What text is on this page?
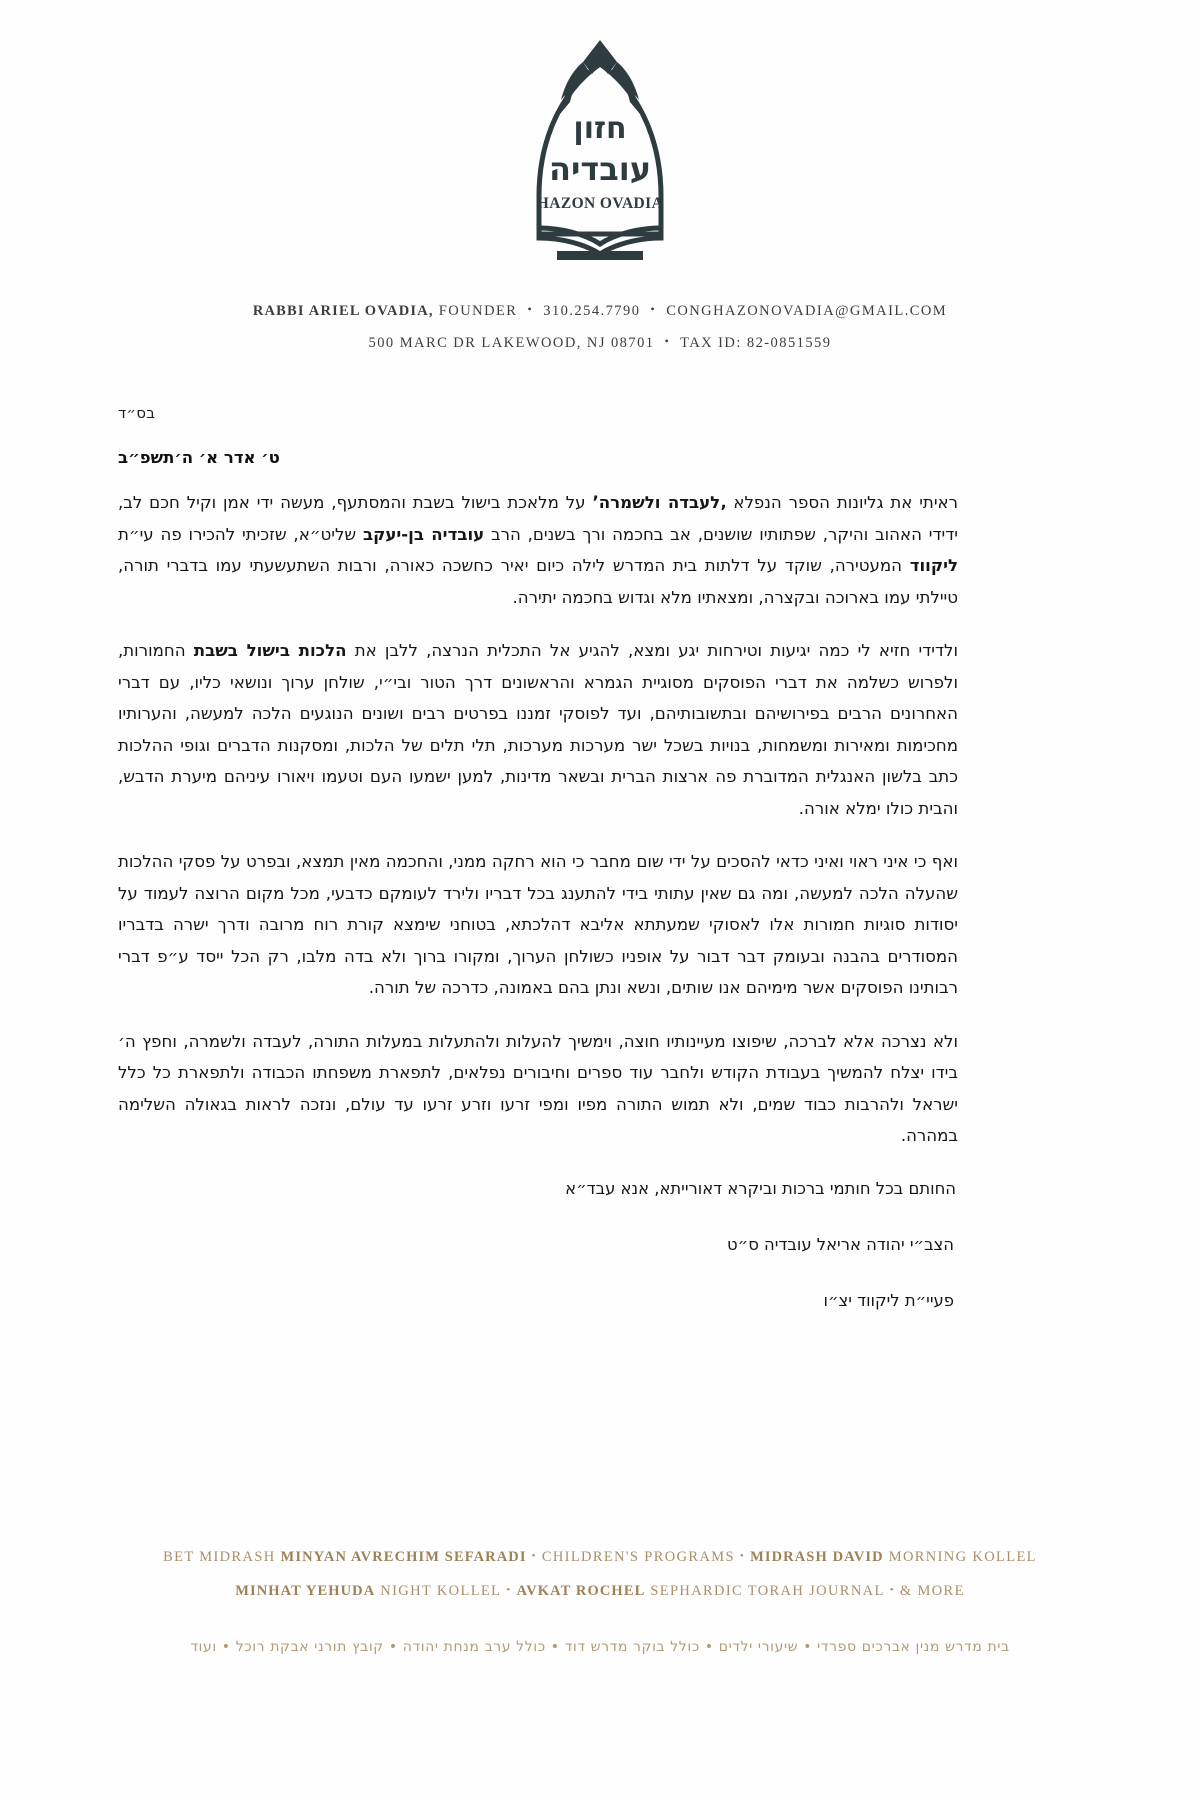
חזון
עובדיה
HAZON OVADIA
RABBI ARIEL OVADIA, FOUNDER • 310.254.7790 • CONGHAZONOVADIA@GMAIL.COM
500 MARC DR LAKEWOOD, NJ 08701 • TAX ID: 82-0851559

בס״ד

ט׳ אדר א׳ ה׳תשפ״ב

ראיתי את גליונות הספר הנפלא ‚לעבדה ולשמרה’ על מלאכת בישול בשבת והמסתעף, מעשה ידי אמן וקיל חכם לב, ידידי האהוב והיקר, שפתותיו שושנים, אב בחכמה ורך בשנים, הרב עובדיה בן-יעקב שליט״א, שזכיתי להכירו פה עי״ת ליקווד המעטירה, שוקד על דלתות בית המדרש לילה כיום יאיר כחשכה כאורה, ורבות השתעשעתי עמו בדברי תורה, טיילתי עמו בארוכה ובקצרה, ומצאתיו מלא וגדוש בחכמה יתירה.

ולדידי חזיא לי כמה יגיעות וטירחות יגע ומצא, להגיע אל התכלית הנרצה, ללבן את הלכות בישול בשבת החמורות, ולפרוש כשלמה את דברי הפוסקים מסוגיית הגמרא והראשונים דרך הטור ובי״י, שולחן ערוך ונושאי כליו, עם דברי האחרונים הרבים בפירושיהם ובתשובותיהם, ועד לפוסקי זמננו בפרטים רבים ושונים הנוגעים הלכה למעשה, והערותיו מחכימות ומאירות ומשמחות, בנויות בשכל ישר מערכות מערכות, תלי תלים של הלכות, ומסקנות הדברים וגופי ההלכות כתב בלשון האנגלית המדוברת פה ארצות הברית ובשאר מדינות, למען ישמעו העם וטעמו ויאורו עיניהם מיערת הדבש, והבית כולו ימלא אורה.

ואף כי איני ראוי ואיני כדאי להסכים על ידי שום מחבר כי הוא רחקה ממני, והחכמה מאין תמצא, ובפרט על פסקי ההלכות שהעלה הלכה למעשה, ומה גם שאין עתותי בידי להתענג בכל דבריו ולירד לעומקם כדבעי, מכל מקום הרוצה לעמוד על יסודות סוגיות חמורות אלו לאסוקי שמעתתא אליבא דהלכתא, בטוחני שימצא קורת רוח מרובה ודרך ישרה בדבריו המסודרים בהבנה ובעומק דבר דבור על אופניו כשולחן הערוך, ומקורו ברוך ולא בדה מלבו, רק הכל ייסד ע״פ דברי רבותינו הפוסקים אשר מימיהם אנו שותים, ונשא ונתן בהם באמונה, כדרכה של תורה.

ולא נצרכה אלא לברכה, שיפוצו מעיינותיו חוצה, וימשיך להעלות ולהתעלות במעלות התורה, לעבדה ולשמרה, וחפץ ה׳ בידו יצלח להמשיך בעבודת הקודש ולחבר עוד ספרים וחיבורים נפלאים, לתפארת משפחתו הכבודה ולתפארת כל כלל ישראל ולהרבות כבוד שמים, ולא תמוש התורה מפיו ומפי זרעו וזרע זרעו עד עולם, ונזכה לראות בגאולה השלימה במהרה.

החותם בכל חותמי ברכות וביקרא דאורייתא, אנא עבד״א

הצב״י יהודה אריאל עובדיה ס״ט

פעיי״ת ליקווד יצ״ו

BET MIDRASH MINYAN AVRECHIM SEFARADI • CHILDREN'S PROGRAMS • MIDRASH DAVID MORNING KOLLEL
MINHAT YEHUDA NIGHT KOLLEL • AVKAT ROCHEL SEPHARDIC TORAH JOURNAL • & MORE
בית מדרש מנין אברכים ספרדי • שיעורי ילדים • כולל בוקר מדרש דוד • כולל ערב מנחת יהודה • קובץ תורני אבקת רוכל • ועוד
